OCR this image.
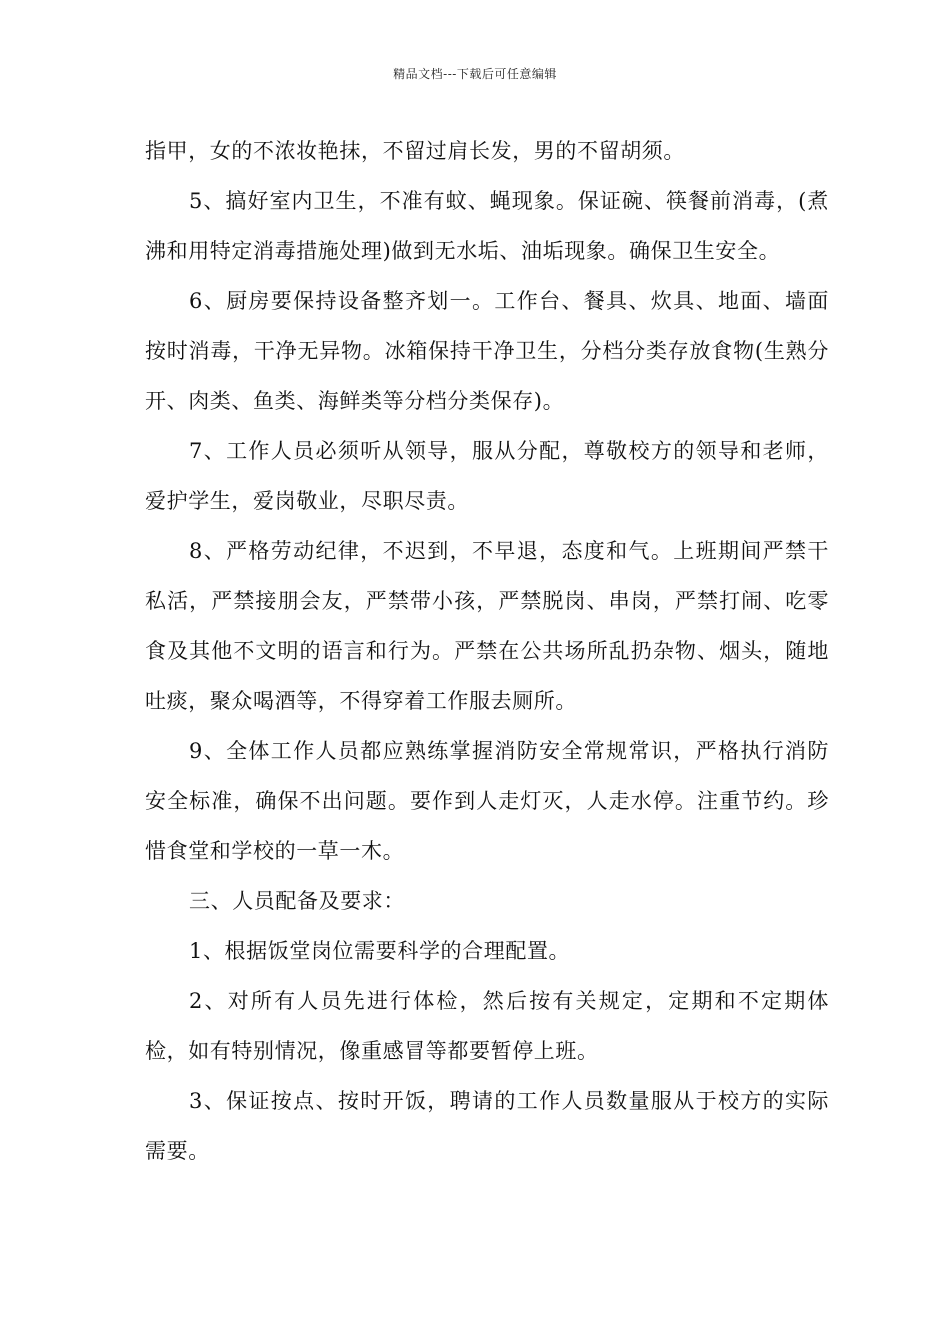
精品文档---下载后可任意编辑

指甲，女的不浓妆艳抹，不留过肩长发，男的不留胡须。

5、搞好室内卫生，不准有蚊、蝇现象。保证碗、筷餐前消毒，(煮沸和用特定消毒措施处理)做到无水垢、油垢现象。确保卫生安全。

6、厨房要保持设备整齐划一。工作台、餐具、炊具、地面、墙面按时消毒，干净无异物。冰箱保持干净卫生，分档分类存放食物(生熟分开、肉类、鱼类、海鲜类等分档分类保存)。

7、工作人员必须听从领导，服从分配，尊敬校方的领导和老师，爱护学生，爱岗敬业，尽职尽责。

8、严格劳动纪律，不迟到，不早退，态度和气。上班期间严禁干私活，严禁接朋会友，严禁带小孩，严禁脱岗、串岗，严禁打闹、吃零食及其他不文明的语言和行为。严禁在公共场所乱扔杂物、烟头，随地吐痰，聚众喝酒等，不得穿着工作服去厕所。

9、全体工作人员都应熟练掌握消防安全常规常识，严格执行消防安全标准，确保不出问题。要作到人走灯灭，人走水停。注重节约。珍惜食堂和学校的一草一木。

三、人员配备及要求：

1、根据饭堂岗位需要科学的合理配置。

2、对所有人员先进行体检，然后按有关规定，定期和不定期体检，如有特别情况，像重感冒等都要暂停上班。

3、保证按点、按时开饭，聘请的工作人员数量服从于校方的实际需要。
